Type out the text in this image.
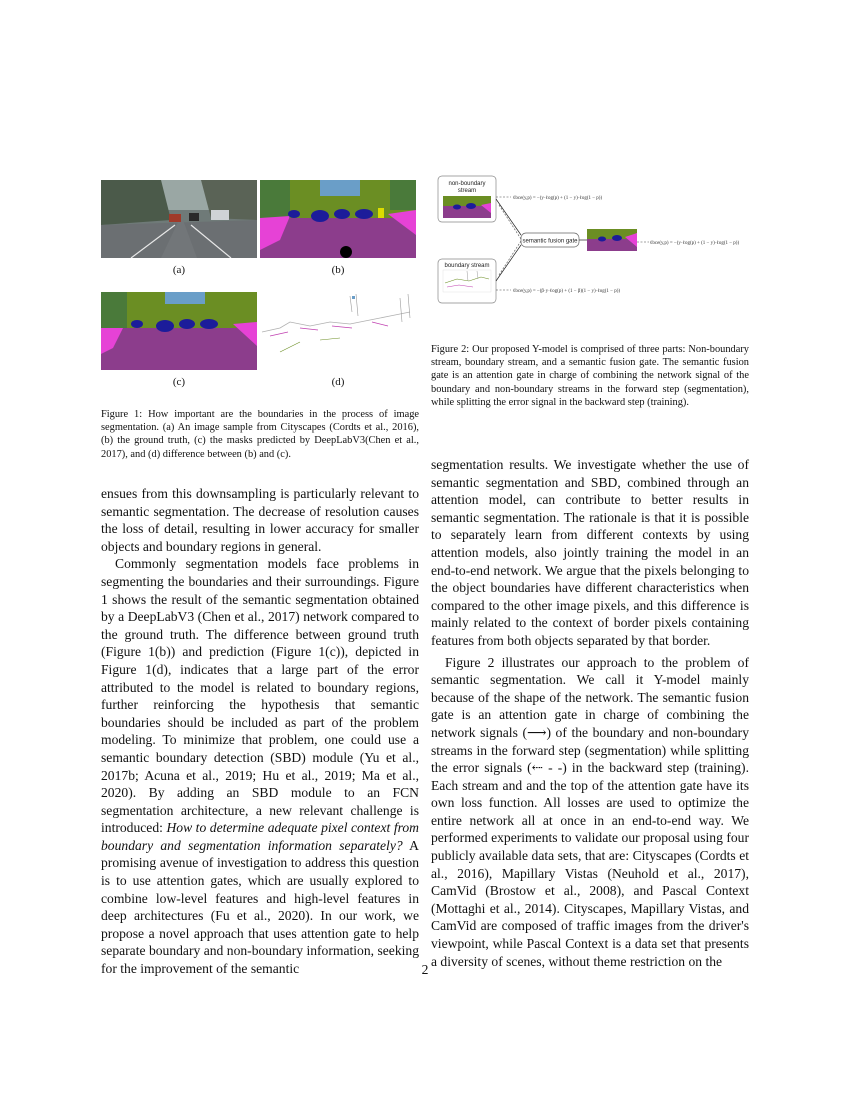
(a)	(b)
(c)	(d)
Figure 1: How important are the boundaries in the process of image segmentation. (a) An image sample from Cityscapes (Cordts et al., 2016), (b) the ground truth, (c) the masks predicted by DeepLabV3(Chen et al., 2017), and (d) difference between (b) and (c).
non-boundary
stream
boundary stream
semantic fusion gate
ℓbce(y,p) = −(y·ℓog(p) + (1 − y)·ℓog(1 − p))
ℓbce(y,p) = −(y·ℓog(p) + (1 − y)·ℓog(1 − p))
ℓbce(y,p) = −(β·y·ℓog(p) + (1 − β)(1 − y)·ℓog(1 − p))
Figure 2: Our proposed Y-model is comprised of three parts: Non-boundary stream, boundary stream, and a semantic fusion gate. The semantic fusion gate is an attention gate in charge of combining the network signal of the boundary and non-boundary streams in the forward step (segmentation), while splitting the error signal in the backward step (training).

ensues from this downsampling is particularly relevant to semantic segmentation. The decrease of resolution causes the loss of detail, resulting in lower accuracy for smaller objects and boundary regions in general.

Commonly segmentation models face problems in segmenting the boundaries and their surroundings. Figure 1 shows the result of the semantic segmentation obtained by a DeepLabV3 (Chen et al., 2017) network compared to the ground truth. The difference between ground truth (Figure 1(b)) and prediction (Figure 1(c)), depicted in Figure 1(d), indicates that a large part of the error attributed to the model is related to boundary regions, further reinforcing the hypothesis that semantic boundaries should be included as part of the problem modeling. To minimize that problem, one could use a semantic boundary detection (SBD) module (Yu et al., 2017b; Acuna et al., 2019; Hu et al., 2019; Ma et al., 2020). By adding an SBD module to an FCN segmentation architecture, a new relevant challenge is introduced: How to determine adequate pixel context from boundary and segmentation information separately? A promising avenue of investigation to address this question is to use attention gates, which are usually explored to combine low-level features and high-level features in deep architectures (Fu et al., 2020). In our work, we propose a novel approach that uses attention gate to help separate boundary and non-boundary information, seeking for the improvement of the semantic

segmentation results. We investigate whether the use of semantic segmentation and SBD, combined through an attention model, can contribute to better results in semantic segmentation. The rationale is that it is possible to separately learn from different contexts by using attention models, also jointly training the model in an end-to-end network. We argue that the pixels belonging to the object boundaries have different characteristics when compared to the other image pixels, and this difference is mainly related to the context of border pixels containing features from both objects separated by that border.

Figure 2 illustrates our approach to the problem of semantic segmentation. We call it Y-model mainly because of the shape of the network. The semantic fusion gate is an attention gate in charge of combining the network signals (⟶) of the boundary and non-boundary streams in the forward step (segmentation) while splitting the error signals (⇠ - -) in the backward step (training). Each stream and and the top of the attention gate have its own loss function. All losses are used to optimize the entire network all at once in an end-to-end way. We performed experiments to validate our proposal using four publicly available data sets, that are: Cityscapes (Cordts et al., 2016), Mapillary Vistas (Neuhold et al., 2017), CamVid (Brostow et al., 2008), and Pascal Context (Mottaghi et al., 2014). Cityscapes, Mapillary Vistas, and CamVid are composed of traffic images from the driver's viewpoint, while Pascal Context is a data set that presents a diversity of scenes, without theme restriction on the

2
